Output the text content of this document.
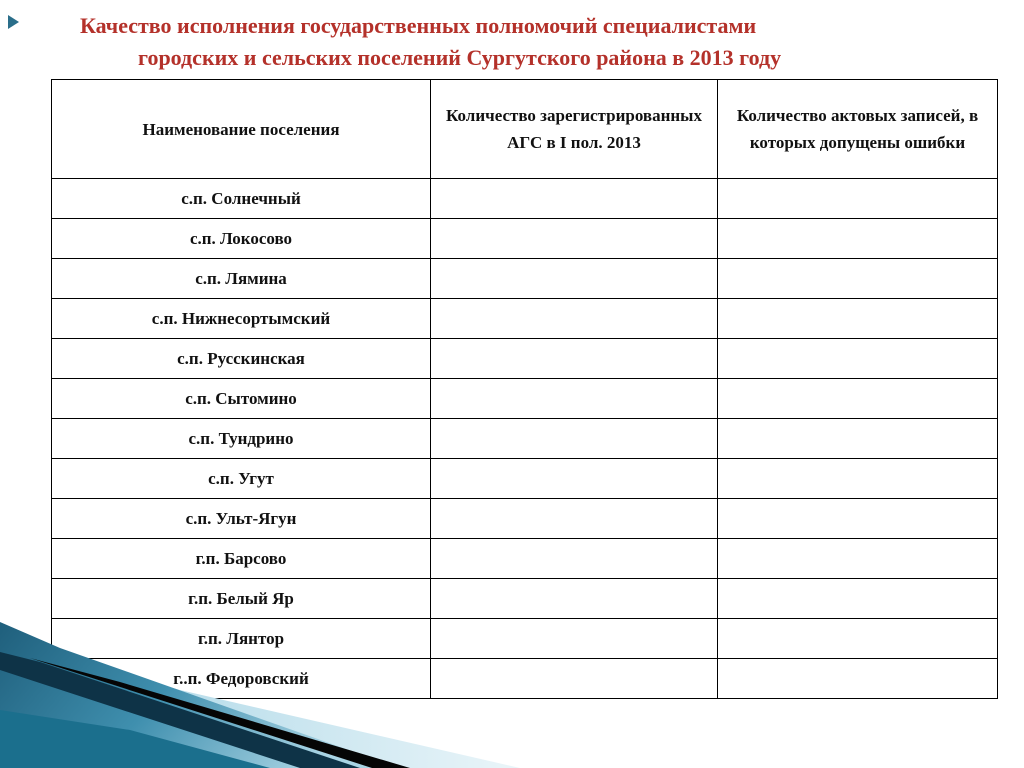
Качество исполнения государственных полномочий специалистами
городских и сельских поселений Сургутского района в 2013 году
Наименование поселения	Количество зарегистрированных АГС в I пол. 2013	Количество актовых записей, в которых допущены ошибки
с.п. Солнечный		
с.п. Локосово		
с.п. Лямина		
с.п. Нижнесортымский		
с.п. Русскинская		
с.п. Сытомино		
с.п. Тундрино		
с.п. Угут		
с.п. Ульт-Ягун		
г.п. Барсово		
г.п. Белый Яр		
г.п. Лянтор		
г..п. Федоровский		
